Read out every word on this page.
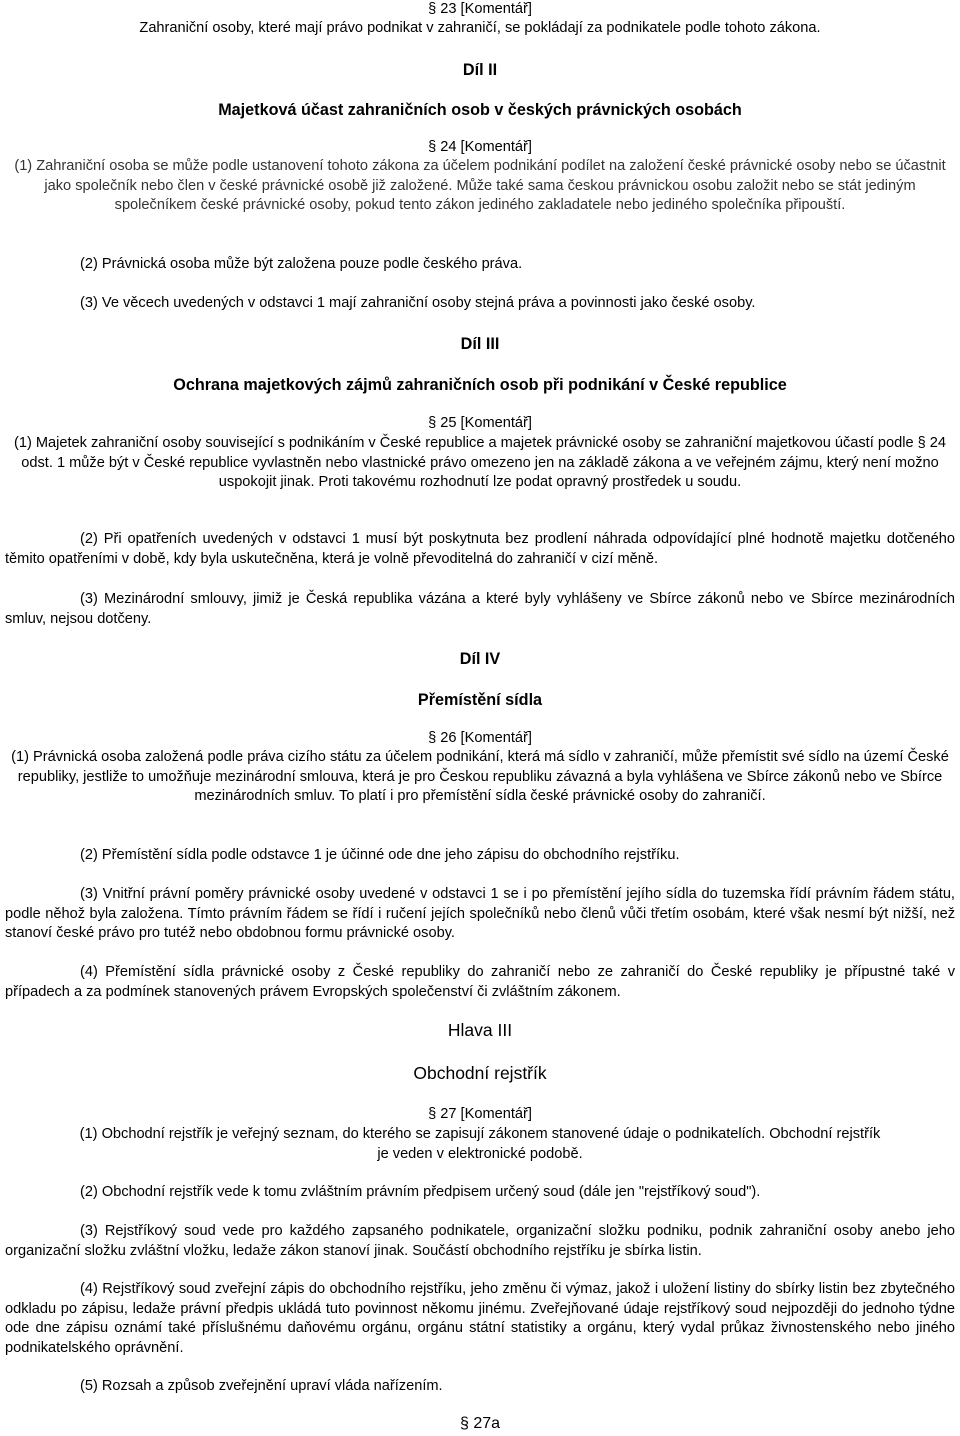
§ 23 [Komentář]
Zahraniční osoby, které mají právo podnikat v zahraničí, se pokládají za podnikatele podle tohoto zákona.
Díl II
Majetková účast zahraničních osob v českých právnických osobách
§ 24 [Komentář]
(1) Zahraniční osoba se může podle ustanovení tohoto zákona za účelem podnikání podílet na založení české právnické osoby nebo se účastnit jako společník nebo člen v české právnické osobě již založené. Může také sama českou právnickou osobu založit nebo se stát jediným společníkem české právnické osoby, pokud tento zákon jediného zakladatele nebo jediného společníka připouští.
(2) Právnická osoba může být založena pouze podle českého práva.
(3) Ve věcech uvedených v odstavci 1 mají zahraniční osoby stejná práva a povinnosti jako české osoby.
Díl III
Ochrana majetkových zájmů zahraničních osob při podnikání v České republice
§ 25 [Komentář]
(1) Majetek zahraniční osoby související s podnikáním v České republice a majetek právnické osoby se zahraniční majetkovou účastí podle § 24 odst. 1 může být v České republice vyvlastněn nebo vlastnické právo omezeno jen na základě zákona a ve veřejném zájmu, který není možno uspokojit jinak. Proti takovému rozhodnutí lze podat opravný prostředek u soudu.
(2) Při opatřeních uvedených v odstavci 1 musí být poskytnuta bez prodlení náhrada odpovídající plné hodnotě majetku dotčeného těmito opatřeními v době, kdy byla uskutečněna, která je volně převoditelná do zahraničí v cizí měně.
(3) Mezinárodní smlouvy, jimiž je Česká republika vázána a které byly vyhlášeny ve Sbírce zákonů nebo ve Sbírce mezinárodních smluv, nejsou dotčeny.
Díl IV
Přemístění sídla
§ 26 [Komentář]
(1) Právnická osoba založená podle práva cizího státu za účelem podnikání, která má sídlo v zahraničí, může přemístit své sídlo na území České republiky, jestliže to umožňuje mezinárodní smlouva, která je pro Českou republiku závazná a byla vyhlášena ve Sbírce zákonů nebo ve Sbírce mezinárodních smluv. To platí i pro přemístění sídla české právnické osoby do zahraničí.
(2) Přemístění sídla podle odstavce 1 je účinné ode dne jeho zápisu do obchodního rejstříku.
(3) Vnitřní právní poměry právnické osoby uvedené v odstavci 1 se i po přemístění jejího sídla do tuzemska řídí právním řádem státu, podle něhož byla založena. Tímto právním řádem se řídí i ručení jejích společníků nebo členů vůči třetím osobám, které však nesmí být nižší, než stanoví české právo pro tutéž nebo obdobnou formu právnické osoby.
(4) Přemístění sídla právnické osoby z České republiky do zahraničí nebo ze zahraničí do České republiky je přípustné také v případech a za podmínek stanovených právem Evropských společenství či zvláštním zákonem.
Hlava III
Obchodní rejstřík
§ 27 [Komentář]
(1) Obchodní rejstřík je veřejný seznam, do kterého se zapisují zákonem stanovené údaje o podnikatelích. Obchodní rejstřík je veden v elektronické podobě.
(2) Obchodní rejstřík vede k tomu zvláštním právním předpisem určený soud (dále jen "rejstříkový soud").
(3) Rejstříkový soud vede pro každého zapsaného podnikatele, organizační složku podniku, podnik zahraniční osoby anebo jeho organizační složku zvláštní vložku, ledaže zákon stanoví jinak. Součástí obchodního rejstříku je sbírka listin.
(4) Rejstříkový soud zveřejní zápis do obchodního rejstříku, jeho změnu či výmaz, jakož i uložení listiny do sbírky listin bez zbytečného odkladu po zápisu, ledaže právní předpis ukládá tuto povinnost někomu jinému. Zveřejňované údaje rejstříkový soud nejpozději do jednoho týdne ode dne zápisu oznámí také příslušnému daňovému orgánu, orgánu státní statistiky a orgánu, který vydal průkaz živnostenského nebo jiného podnikatelského oprávnění.
(5) Rozsah a způsob zveřejnění upraví vláda nařízením.
§ 27a
